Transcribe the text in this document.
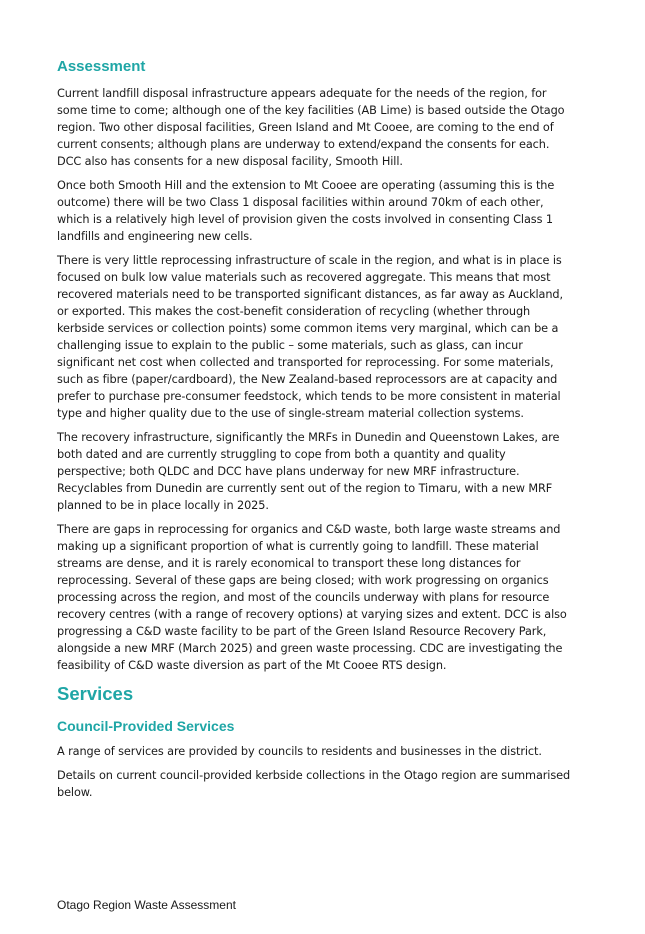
Assessment

Current landfill disposal infrastructure appears adequate for the needs of the region, for some time to come; although one of the key facilities (AB Lime) is based outside the Otago region. Two other disposal facilities, Green Island and Mt Cooee, are coming to the end of current consents; although plans are underway to extend/expand the consents for each. DCC also has consents for a new disposal facility, Smooth Hill.

Once both Smooth Hill and the extension to Mt Cooee are operating (assuming this is the outcome) there will be two Class 1 disposal facilities within around 70km of each other, which is a relatively high level of provision given the costs involved in consenting Class 1 landfills and engineering new cells.

There is very little reprocessing infrastructure of scale in the region, and what is in place is focused on bulk low value materials such as recovered aggregate. This means that most recovered materials need to be transported significant distances, as far away as Auckland, or exported. This makes the cost-benefit consideration of recycling (whether through kerbside services or collection points) some common items very marginal, which can be a challenging issue to explain to the public – some materials, such as glass, can incur significant net cost when collected and transported for reprocessing. For some materials, such as fibre (paper/cardboard), the New Zealand-based reprocessors are at capacity and prefer to purchase pre-consumer feedstock, which tends to be more consistent in material type and higher quality due to the use of single-stream material collection systems.

The recovery infrastructure, significantly the MRFs in Dunedin and Queenstown Lakes, are both dated and are currently struggling to cope from both a quantity and quality perspective; both QLDC and DCC have plans underway for new MRF infrastructure. Recyclables from Dunedin are currently sent out of the region to Timaru, with a new MRF planned to be in place locally in 2025.

There are gaps in reprocessing for organics and C&D waste, both large waste streams and making up a significant proportion of what is currently going to landfill. These material streams are dense, and it is rarely economical to transport these long distances for reprocessing. Several of these gaps are being closed; with work progressing on organics processing across the region, and most of the councils underway with plans for resource recovery centres (with a range of recovery options) at varying sizes and extent. DCC is also progressing a C&D waste facility to be part of the Green Island Resource Recovery Park, alongside a new MRF (March 2025) and green waste processing. CDC are investigating the feasibility of C&D waste diversion as part of the Mt Cooee RTS design.

Services
Council-Provided Services

A range of services are provided by councils to residents and businesses in the district.

Details on current council-provided kerbside collections in the Otago region are summarised below.

Otago Region Waste Assessment
